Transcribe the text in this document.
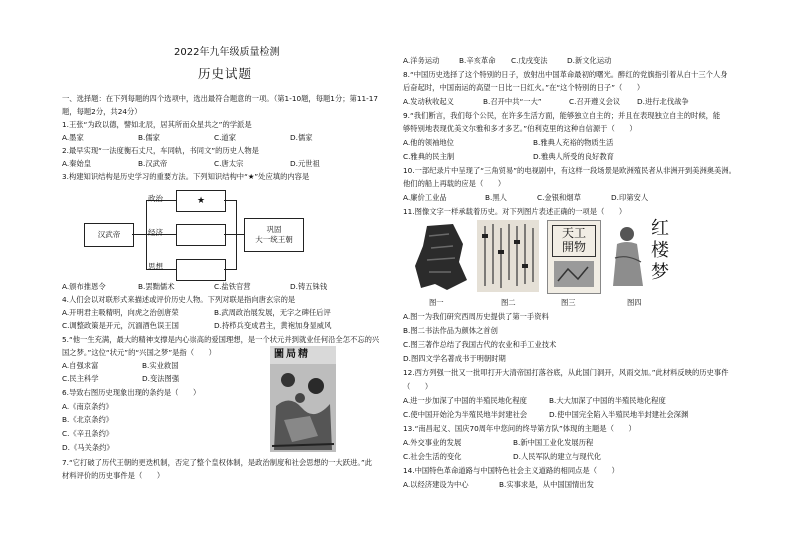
2022年九年级质量检测
历史试题
一、选择题：在下列每题的四个选项中，选出最符合题意的一项。（第1-10题，每题1分；第11-17
题，每题2分，共24分）
1.王张“为政以德，譬如北辰，居其所而众星共之”的学派是
A.墨家	B.儒家	C.道家	D.儒家
2.最早实现“一法度衡石丈尺，车同轨，书同文”的历史人物是
A.秦始皇	B.汉武帝	C.唐太宗	D.元世祖
3.构建知识结构是历史学习的重要方法。下列知识结构中“★”处应填的内容是
汉武帝
政治
经济
思想
★
巩固
大一统王朝
A.颁布推恩令	B.罢黜儒术	C.盐铁官营	D.铸五铢钱
4.人们会以对联形式来描述或评价历史人物。下列对联是指向唐玄宗的是
A.开明君主吸精明，向虎之治创唐荣	B.武周政治展发展，无字之碑任后评
C.调整政策是开元，沉湎酒色误王国	D.持栉兵变成君主，黄袍加身显威风
5.“他一生充满，最大的精神支撑是内心崇高的爱国理想，是一个状元并到就业任何沿全怎不忘的兴
国之梦。”这位“状元”的“兴国之梦”是指（　　）
A.自强求富	B.实业救国
C.民主科学	D.变法图强
圖局精
6.导致右图历史现象出现的条约是（　　）
A.《南京条约》
B.《北京条约》
C.《辛丑条约》
D.《马关条约》
7.“它打破了历代王朝的更迭机制，否定了整个皇权体制，是政治制度和社会思想的一大跃进。”此
材料评价的历史事件是（　　）
A.洋务运动	B.辛亥革命 C.戊戌变法	D.新文化运动
8.“中国历史选择了这个特别的日子，放射出中国革命最初的曙光。醉红的党旗指引着从白十三个人身
后奋起时，中国南运的高望一日比一日红火。”在“这个特别的日子”（　　）
A.发动秋收起义	B.召开中共“一大”	C.召开遵义会议 D.进行北伐战争
9.“我们断言，我们每个公民，在许多生活方面，能够独立自主的；并且在表现独立自主的时候，能
够特别地表现优美文尔雅和多才多艺。”伯利克里的这种自信源于（　　）
A.他的领袖地位	B.雅典人充裕的物质生活
C.雅典的民主制	D.雅典人所受的良好教育
10.一部纪录片中呈现了“三角贸易”的电视剧中，有这样一段场景是欧洲殖民者从非洲开到美洲奥美洲。
他们的船上再载的应是（　　）
A.廉价工业品	B.黑人	C.金银和烟草	D.印第安人
11.图像文字一样承载着历史。对下列图片表述正确的一项是（　　）
天工
開物
红
楼
梦
图一	图二	图三	图四
A.图一为我们研究西周历史提供了第一手资料
B.图二书法作品为颜体之首创
C.图三著作总结了我国古代的农业和手工业技术
D.图四文学名著成书于明朝时期
12.西方列强一批又一批叩打开大清帝国打落谷底，从此国门洞开，风雨交加。”此材料反映的历史事件
（　　）
A.进一步加深了中国的半殖民地化程度	B.大大加深了中国的半殖民地化程度
C.使中国开始沦为半殖民地半封建社会	D.使中国完全陷入半殖民地半封建社会深渊
13.“南昌起义、国庆70周年中您问的终导第方队”体现的主题是（　　）
A.外交事业的发展	B.新中国工业化发展历程
C.社会生活的变化	D.人民军队的建立与现代化
14.中国特色革命道路与中国特色社会主义道路的相同点是（　　）
A.以经济建设为中心	B.实事求是，从中国国情出发
